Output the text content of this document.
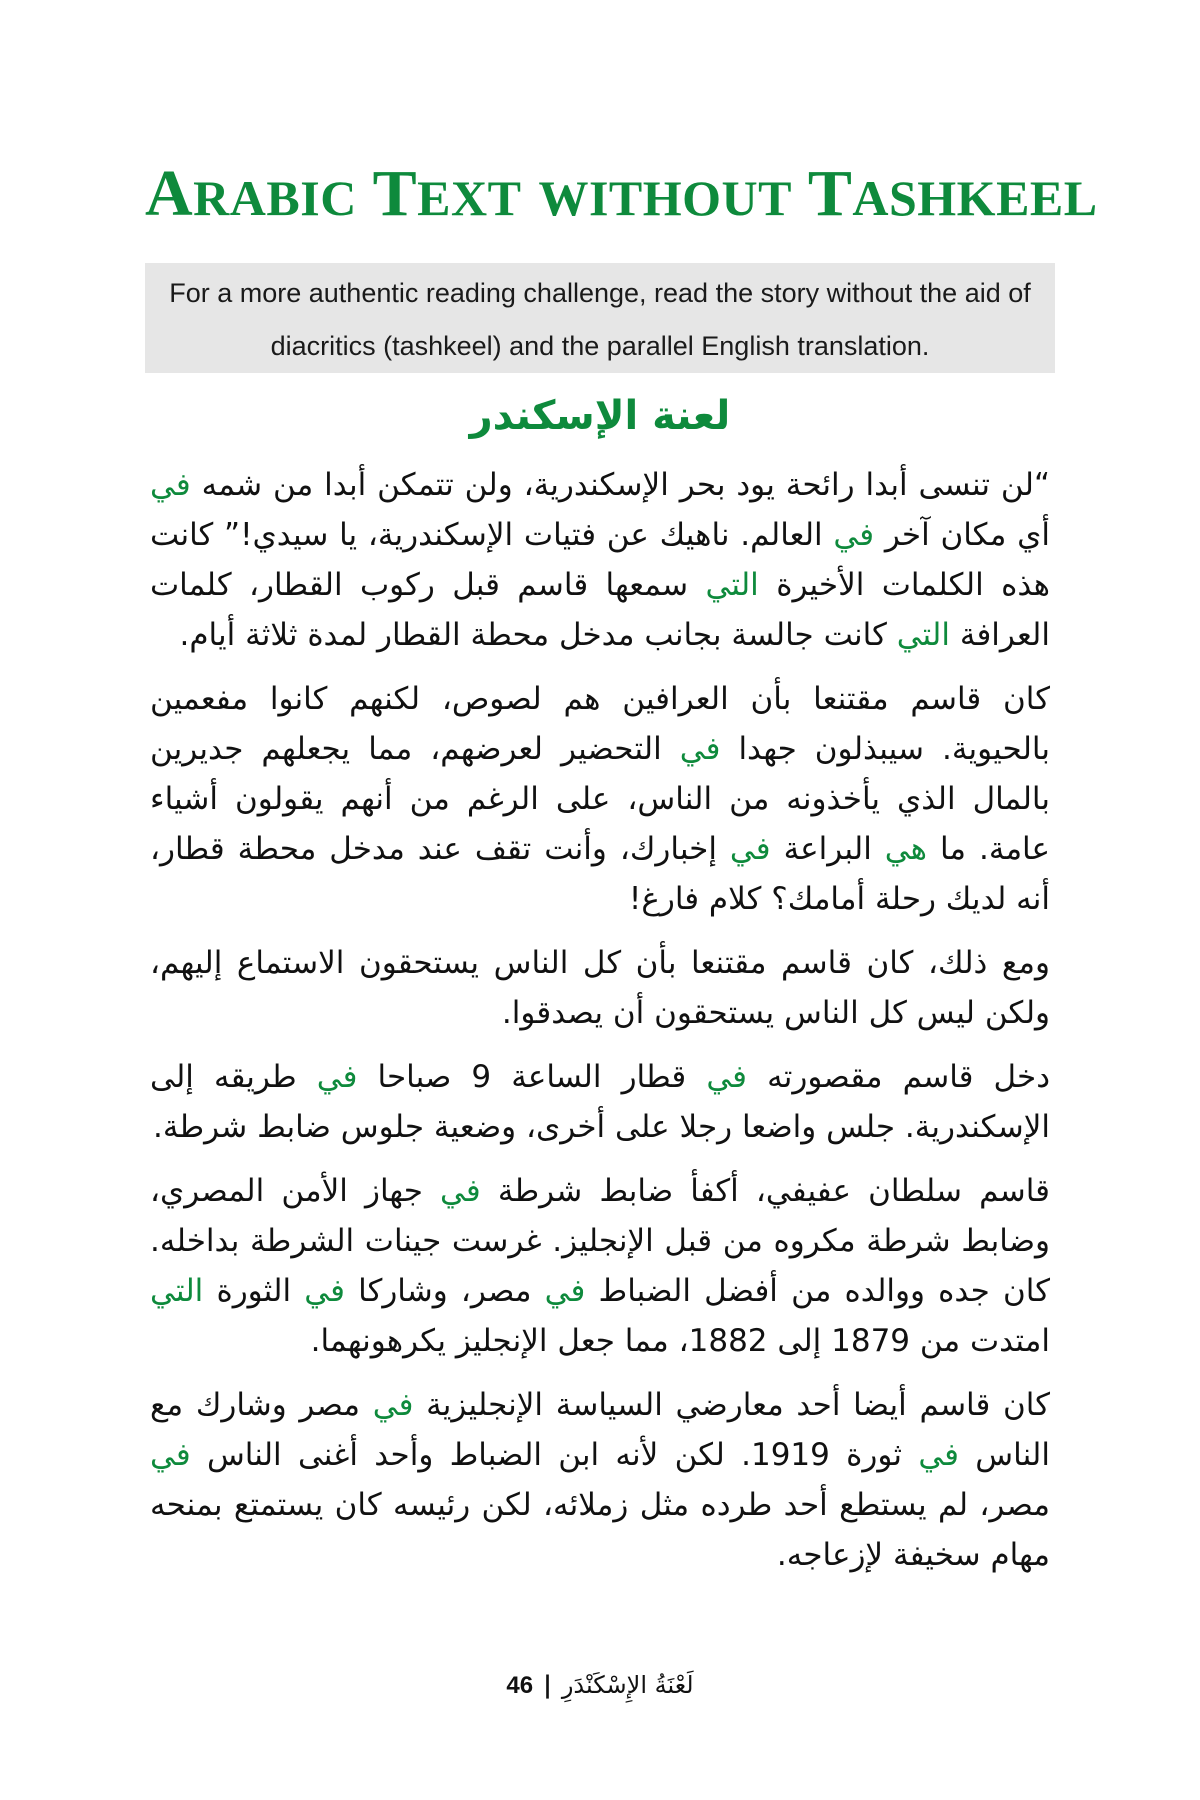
ARABIC TEXT WITHOUT TASHKEEL

For a more authentic reading challenge, read the story without the aid of diacritics (tashkeel) and the parallel English translation.

لعنة الإسكندر

“لن تنسى أبدا رائحة يود بحر الإسكندرية، ولن تتمكن أبدا من شمه في أي مكان آخر في العالم. ناهيك عن فتيات الإسكندرية، يا سيدي!” كانت هذه الكلمات الأخيرة التي سمعها قاسم قبل ركوب القطار، كلمات العرافة التي كانت جالسة بجانب مدخل محطة القطار لمدة ثلاثة أيام.

كان قاسم مقتنعا بأن العرافين هم لصوص، لكنهم كانوا مفعمين بالحيوية. سيبذلون جهدا في التحضير لعرضهم، مما يجعلهم جديرين بالمال الذي يأخذونه من الناس، على الرغم من أنهم يقولون أشياء عامة. ما هي البراعة في إخبارك، وأنت تقف عند مدخل محطة قطار، أنه لديك رحلة أمامك؟ كلام فارغ!

ومع ذلك، كان قاسم مقتنعا بأن كل الناس يستحقون الاستماع إليهم، ولكن ليس كل الناس يستحقون أن يصدقوا.

دخل قاسم مقصورته في قطار الساعة 9 صباحا في طريقه إلى الإسكندرية. جلس واضعا رجلا على أخرى، وضعية جلوس ضابط شرطة.

قاسم سلطان عفيفي، أكفأ ضابط شرطة في جهاز الأمن المصري، وضابط شرطة مكروه من قبل الإنجليز. غرست جينات الشرطة بداخله. كان جده ووالده من أفضل الضباط في مصر، وشاركا في الثورة التي امتدت من 1879 إلى 1882، مما جعل الإنجليز يكرهونهما.

كان قاسم أيضا أحد معارضي السياسة الإنجليزية في مصر وشارك مع الناس في ثورة 1919. لكن لأنه ابن الضباط وأحد أغنى الناس في مصر، لم يستطع أحد طرده مثل زملائه، لكن رئيسه كان يستمتع بمنحه مهام سخيفة لإزعاجه.

46 | لَعْنَةُ الإِسْكَنْدَرِ
